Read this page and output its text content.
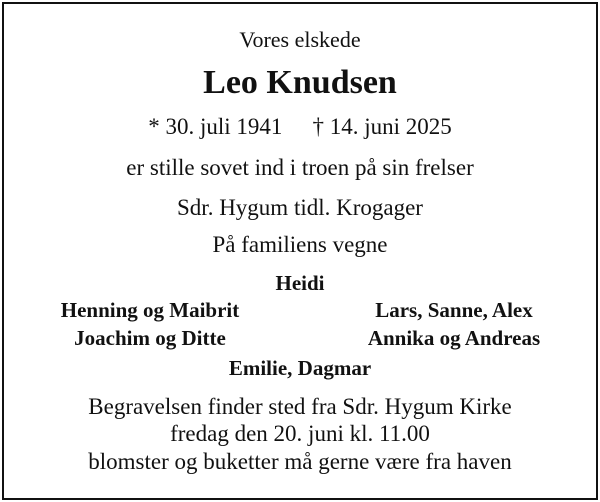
Vores elskede
Leo Knudsen
* 30. juli 1941 † 14. juni 2025
er stille sovet ind i troen på sin frelser
Sdr. Hygum tidl. Krogager
På familiens vegne
Heidi
Henning og Maibrit	Lars, Sanne, Alex
Joachim og Ditte	Annika og Andreas
Emilie, Dagmar
Begravelsen finder sted fra Sdr. Hygum Kirke
fredag den 20. juni kl. 11.00
blomster og buketter må gerne være fra haven
